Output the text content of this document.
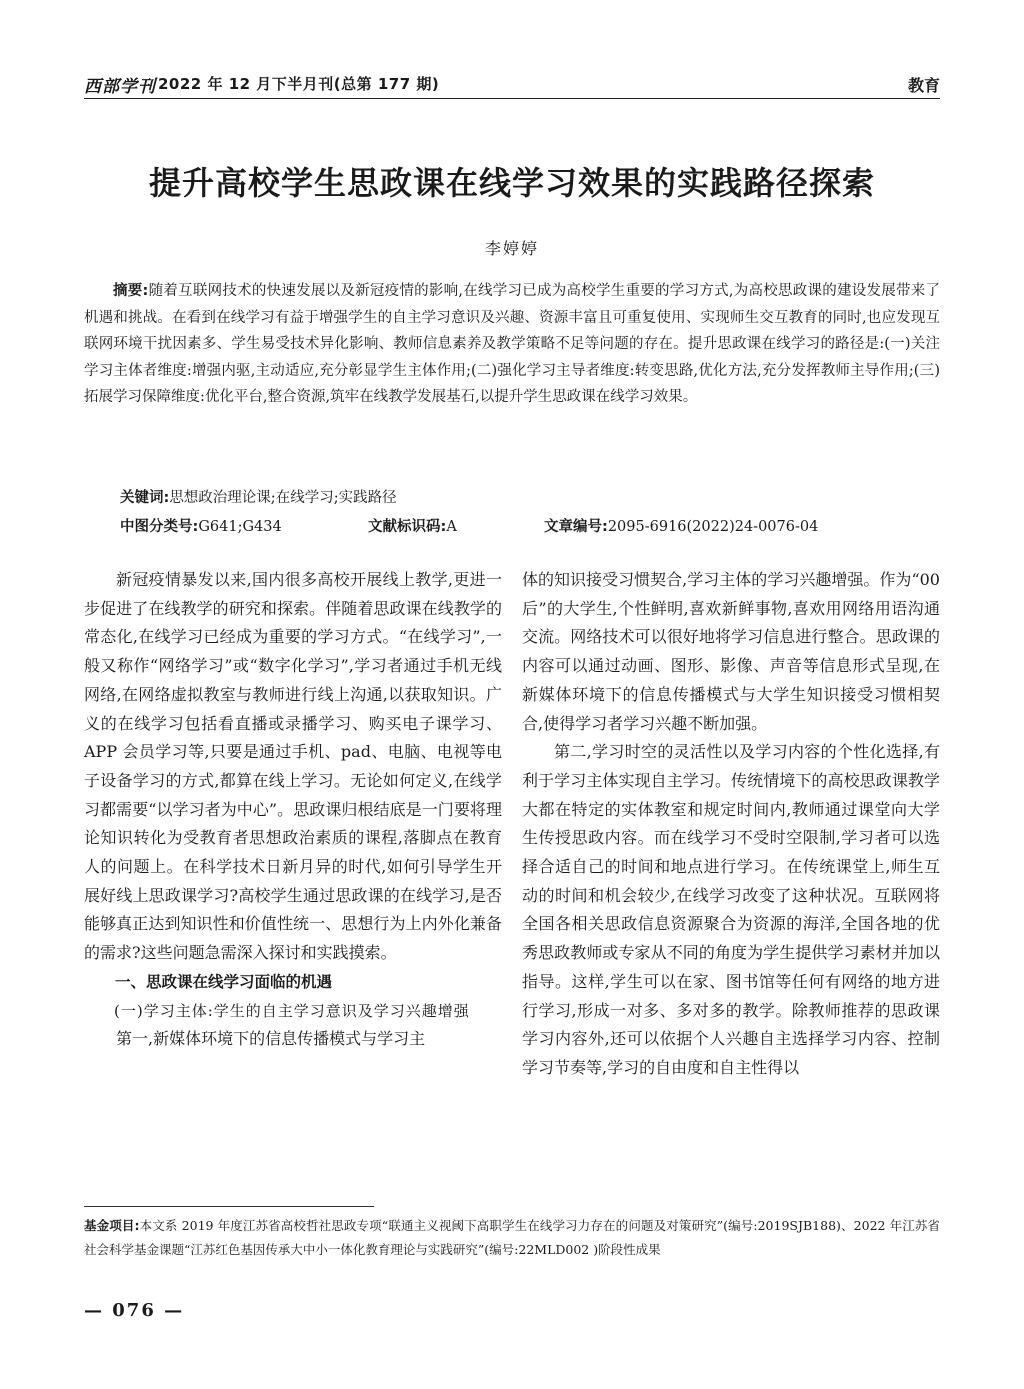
西部学刊 2022 年 12 月下半月刊(总第 177 期)	教育
提升高校学生思政课在线学习效果的实践路径探索
李婷婷

摘要:随着互联网技术的快速发展以及新冠疫情的影响,在线学习已成为高校学生重要的学习方式,为高校思政课的建设发展带来了机遇和挑战。在看到在线学习有益于增强学生的自主学习意识及兴趣、资源丰富且可重复使用、实现师生交互教育的同时,也应发现互联网环境干扰因素多、学生易受技术异化影响、教师信息素养及教学策略不足等问题的存在。提升思政课在线学习的路径是:(一)关注学习主体者维度:增强内驱,主动适应,充分彰显学生主体作用;(二)强化学习主导者维度:转变思路,优化方法,充分发挥教师主导作用;(三)拓展学习保障维度:优化平台,整合资源,筑牢在线教学发展基石,以提升学生思政课在线学习效果。

关键词:思想政治理论课;在线学习;实践路径
中图分类号:G641;G434	文献标识码:A	文章编号:2095-6916(2022)24-0076-04

新冠疫情暴发以来,国内很多高校开展线上教学,更进一步促进了在线教学的研究和探索。伴随着思政课在线教学的常态化,在线学习已经成为重要的学习方式。“在线学习”,一般又称作“网络学习”或“数字化学习”,学习者通过手机无线网络,在网络虚拟教室与教师进行线上沟通,以获取知识。广义的在线学习包括看直播或录播学习、购买电子课学习、APP 会员学习等,只要是通过手机、pad、电脑、电视等电子设备学习的方式,都算在线上学习。无论如何定义,在线学习都需要“以学习者为中心”。思政课归根结底是一门要将理论知识转化为受教育者思想政治素质的课程,落脚点在教育人的问题上。在科学技术日新月异的时代,如何引导学生开展好线上思政课学习?高校学生通过思政课的在线学习,是否能够真正达到知识性和价值性统一、思想行为上内外化兼备的需求?这些问题急需深入探讨和实践摸索。

一、思政课在线学习面临的机遇

(一)学习主体:学生的自主学习意识及学习兴趣增强

第一,新媒体环境下的信息传播模式与学习主

体的知识接受习惯契合,学习主体的学习兴趣增强。作为“00 后”的大学生,个性鲜明,喜欢新鲜事物,喜欢用网络用语沟通交流。网络技术可以很好地将学习信息进行整合。思政课的内容可以通过动画、图形、影像、声音等信息形式呈现,在新媒体环境下的信息传播模式与大学生知识接受习惯相契合,使得学习者学习兴趣不断加强。

第二,学习时空的灵活性以及学习内容的个性化选择,有利于学习主体实现自主学习。传统情境下的高校思政课教学大都在特定的实体教室和规定时间内,教师通过课堂向大学生传授思政内容。而在线学习不受时空限制,学习者可以选择合适自己的时间和地点进行学习。在传统课堂上,师生互动的时间和机会较少,在线学习改变了这种状况。互联网将全国各相关思政信息资源聚合为资源的海洋,全国各地的优秀思政教师或专家从不同的角度为学生提供学习素材并加以指导。这样,学生可以在家、图书馆等任何有网络的地方进行学习,形成一对多、多对多的教学。除教师推荐的思政课学习内容外,还可以依据个人兴趣自主选择学习内容、控制学习节奏等,学习的自由度和自主性得以

基金项目:本文系 2019 年度江苏省高校哲社思政专项“联通主义视阈下高职学生在线学习力存在的问题及对策研究”(编号:2019SJB188)、2022 年江苏省社会科学基金课题“江苏红色基因传承大中小一体化教育理论与实践研究”(编号:22MLD002 )阶段性成果
— 076 —
